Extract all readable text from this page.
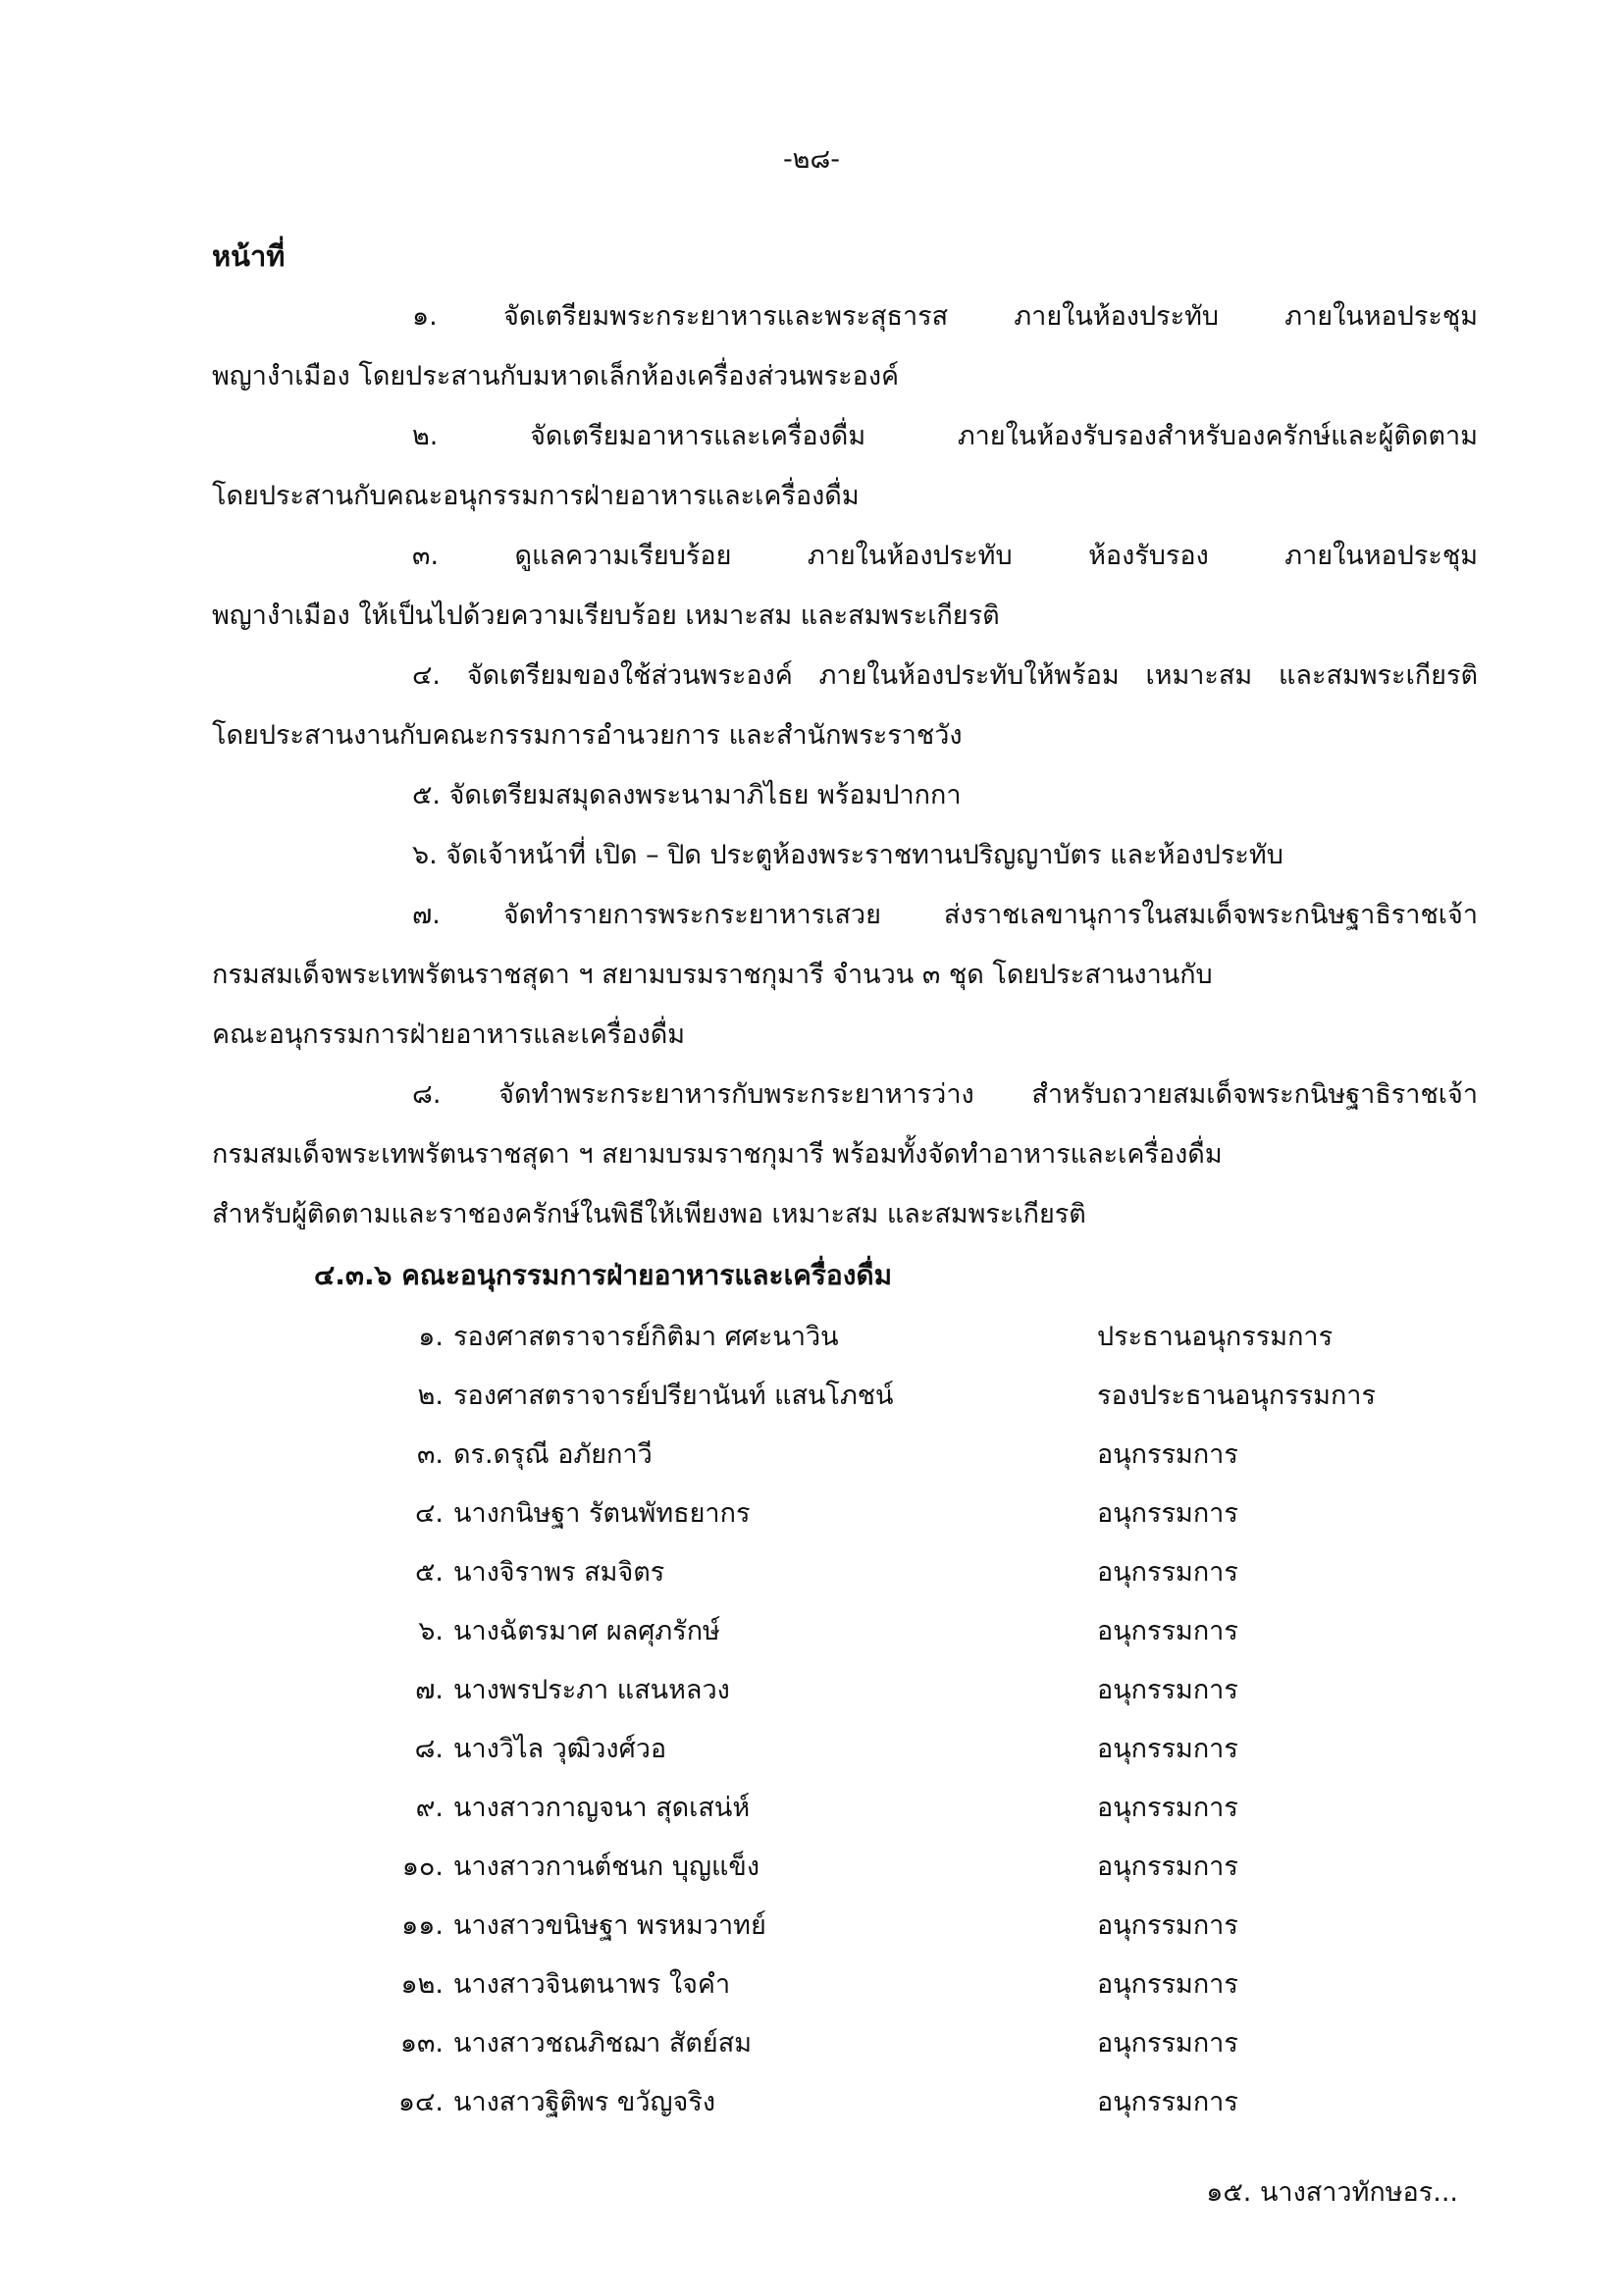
-๒๘-
หน้าที่
๑. จัดเตรียมพระกระยาหารและพระสุธารส ภายในห้องประทับ ภายในหอประชุม
พญางำเมือง โดยประสานกับมหาดเล็กห้องเครื่องส่วนพระองค์
๒. จัดเตรียมอาหารและเครื่องดื่ม ภายในห้องรับรองสำหรับองครักษ์และผู้ติดตาม
โดยประสานกับคณะอนุกรรมการฝ่ายอาหารและเครื่องดื่ม
๓. ดูแลความเรียบร้อย ภายในห้องประทับ ห้องรับรอง ภายในหอประชุม
พญางำเมือง ให้เป็นไปด้วยความเรียบร้อย เหมาะสม และสมพระเกียรติ
๔. จัดเตรียมของใช้ส่วนพระองค์ ภายในห้องประทับให้พร้อม เหมาะสม และสมพระเกียรติ
โดยประสานงานกับคณะกรรมการอำนวยการ และสำนักพระราชวัง
๕. จัดเตรียมสมุดลงพระนามาภิไธย พร้อมปากกา
๖. จัดเจ้าหน้าที่ เปิด – ปิด ประตูห้องพระราชทานปริญญาบัตร และห้องประทับ
๗. จัดทำรายการพระกระยาหารเสวย ส่งราชเลขานุการในสมเด็จพระกนิษฐาธิราชเจ้า
กรมสมเด็จพระเทพรัตนราชสุดา ฯ สยามบรมราชกุมารี จำนวน ๓ ชุด โดยประสานงานกับ
คณะอนุกรรมการฝ่ายอาหารและเครื่องดื่ม
๘. จัดทำพระกระยาหารกับพระกระยาหารว่าง สำหรับถวายสมเด็จพระกนิษฐาธิราชเจ้า
กรมสมเด็จพระเทพรัตนราชสุดา ฯ สยามบรมราชกุมารี พร้อมทั้งจัดทำอาหารและเครื่องดื่ม
สำหรับผู้ติดตามและราชองครักษ์ในพิธีให้เพียงพอ เหมาะสม และสมพระเกียรติ
๔.๓.๖ คณะอนุกรรมการฝ่ายอาหารและเครื่องดื่ม
๑. รองศาสตราจารย์กิติมา ศศะนาวิน	ประธานอนุกรรมการ
๒. รองศาสตราจารย์ปรียานันท์ แสนโภชน์	รองประธานอนุกรรมการ
๓. ดร.ดรุณี อภัยกาวี	อนุกรรมการ
๔. นางกนิษฐา รัตนพัทธยากร	อนุกรรมการ
๕. นางจิราพร สมจิตร	อนุกรรมการ
๖. นางฉัตรมาศ ผลศุภรักษ์	อนุกรรมการ
๗. นางพรประภา แสนหลวง	อนุกรรมการ
๘. นางวิไล วุฒิวงศ์วอ	อนุกรรมการ
๙. นางสาวกาญจนา สุดเสน่ห์	อนุกรรมการ
๑๐. นางสาวกานต์ชนก บุญแข็ง	อนุกรรมการ
๑๑. นางสาวขนิษฐา พรหมวาทย์	อนุกรรมการ
๑๒. นางสาวจินตนาพร ใจคำ	อนุกรรมการ
๑๓. นางสาวชณภิชฌา สัตย์สม	อนุกรรมการ
๑๔. นางสาวฐิติพร ขวัญจริง	อนุกรรมการ
๑๕. นางสาวทักษอร...
